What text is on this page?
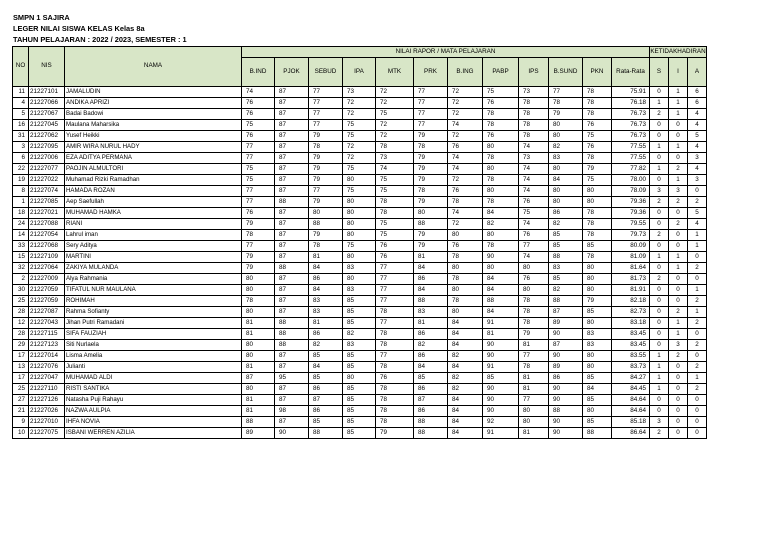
SMPN 1 SAJIRA
LEGER NILAI SISWA KELAS Kelas 8a
TAHUN PELAJARAN : 2022 / 2023, SEMESTER : 1
NO	NIS	NAMA	NILAI RAPOR / MATA PELAJARAN												KETIDAKHADIRAN		
			B.IND	PJOK	SEBUD	IPA	MTK	PRK	B.ING	PABP	IPS	B.SUND	PKN	Rata-Rata			
															S	I	A
11	21227101	JAMALUDIN	74	87	77	73	72	77	72	75	73	77	78	75.91	0	1	6
4	21227066	ANDIKA APRIZI	76	87	77	72	72	77	72	76	78	78	78	76.18	1	1	6
5	21227067	Badai Badowi	76	87	77	72	75	77	72	78	78	79	78	76.73	2	1	4
16	21227045	Maulana Maharsika	75	87	77	75	72	77	74	78	78	80	76	76.73	0	0	4
31	21227062	Yusef Heikki	76	87	79	75	72	79	72	76	78	80	75	76.73	0	0	5
3	21227095	AMIR WIRA NURUL HADY	77	87	78	72	78	78	76	80	74	82	76	77.55	1	1	4
6	21227006	EZA ADITYA PERMANA	77	87	79	72	73	79	74	78	73	83	78	77.55	0	0	3
22	21227077	PAOJIN ALMULTORI	75	87	79	75	74	79	74	80	74	80	79	77.82	1	2	4
19	21227022	Muhamad Rizki Ramadhan	75	87	79	80	75	79	72	78	74	84	75	78.00	0	1	3
8	21227074	HAMADA ROZAN	77	87	77	75	75	78	76	80	74	80	80	78.09	3	3	0
1	21227085	Aep Saefullah	77	88	79	80	78	79	78	78	76	80	80	79.36	2	2	2
18	21227021	MUHAMAD HAMKA	76	87	80	80	78	80	74	84	75	86	78	79.36	0	0	5
24	21227088	RIANI	79	87	88	80	75	88	72	82	74	82	78	79.55	0	2	4
14	21227054	Lahrul iman	78	87	79	80	75	79	80	80	76	85	78	79.73	2	0	1
33	21227068	Sery Aditya	77	87	78	75	76	79	76	78	77	85	85	80.09	0	0	1
15	21227109	MARTINI	79	87	81	80	76	81	78	90	74	88	78	81.09	1	1	0
32	21227064	ZAKIYA MULANDA	79	88	84	83	77	84	80	80	80	83	80	81.64	0	1	2
2	21227009	Alya Rahmania	80	87	86	80	77	86	78	84	76	85	80	81.73	2	0	0
30	21227059	TIFATUL NUR MAULANA	80	87	84	83	77	84	80	84	80	82	80	81.91	0	0	1
25	21227059	ROHIMAH	78	87	83	85	77	88	78	88	78	88	79	82.18	0	0	2
28	21227087	Rahma Sofianty	80	87	83	85	78	83	80	84	78	87	85	82.73	0	2	1
12	21227043	Jihan Putri Ramadani	81	88	81	85	77	81	84	91	78	89	80	83.18	0	1	2
28	21227115	SIFA FAUZIAH	81	88	86	82	78	86	84	81	79	90	83	83.45	0	1	0
29	21227123	Siti Nurlaela	80	88	82	83	78	82	84	90	81	87	83	83.45	0	3	2
17	21227014	Lisma Amelia	80	87	85	85	77	86	82	90	77	90	80	83.55	1	2	0
13	21227076	Julianti	81	87	84	85	78	84	84	91	78	89	80	83.73	1	0	2
17	21227047	MUHAMAD ALDI	87	95	85	80	76	85	82	85	81	86	85	84.27	1	0	1
25	21227110	RISTI SANTIKA	80	87	86	85	78	86	82	90	81	90	84	84.45	1	0	2
27	21227126	Natasha Puji Rahayu	81	87	87	85	78	87	84	90	77	90	85	84.64	0	0	0
21	21227026	NAZWA AULPIA	81	98	86	85	78	86	84	90	80	88	80	84.64	0	0	0
9	21227010	IHFA NOVIA	88	87	85	85	78	88	84	92	80	90	85	85.18	3	0	0
10	21227075	ISBANI WERREN AZILIA	89	90	88	85	79	88	84	91	81	90	88	86.64	2	0	0
